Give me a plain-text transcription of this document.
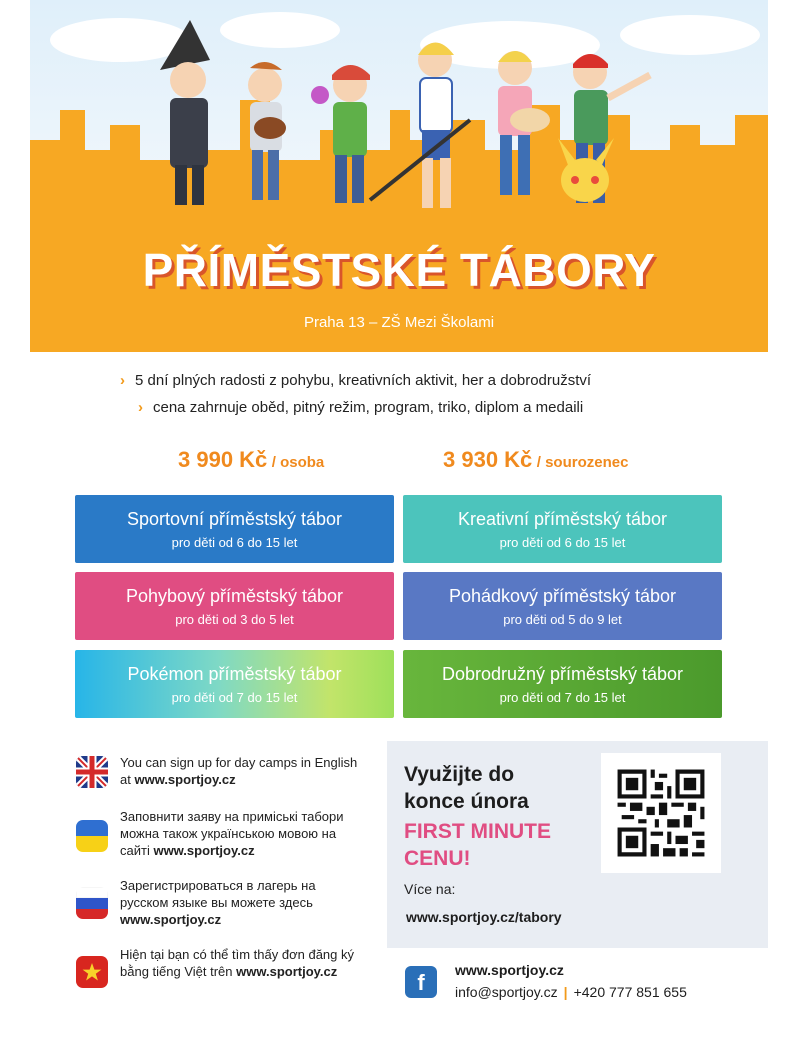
PŘÍMĚSTSKÉ TÁBORY
Praha 13 – ZŠ Mezi Školami
› 5 dní plných radosti z pohybu, kreativních aktivit, her a dobrodružství
› cena zahrnuje oběd, pitný režim, program, triko, diplom a medaili
3 990 Kč / osoba	3 930 Kč / sourozenec
Sportovní příměstský tábor
pro děti od 6 do 15 let
Kreativní příměstský tábor
pro děti od 6 do 15 let
Pohybový příměstský tábor
pro děti od 3 do 5 let
Pohádkový příměstský tábor
pro děti od 5 do 9 let
Pokémon příměstský tábor
pro děti od 7 do 15 let
Dobrodružný příměstský tábor
pro děti od 7 do 15 let
You can sign up for day camps in English at www.sportjoy.cz
Заповнити заяву на примiськi табори можна також українською мовою на сайті www.sportjoy.cz
Зарегистрироваться в лагерь на русском языке вы можете здесь www.sportjoy.cz
Hiện tại bạn có thể tìm thấy đơn đăng ký bằng tiếng Việt trên www.sportjoy.cz
Využijte do
konce února
FIRST MINUTE
CENU!
Více na:
www.sportjoy.cz/tabory
f	www.sportjoy.cz
info@sportjoy.cz | +420 777 851 655
